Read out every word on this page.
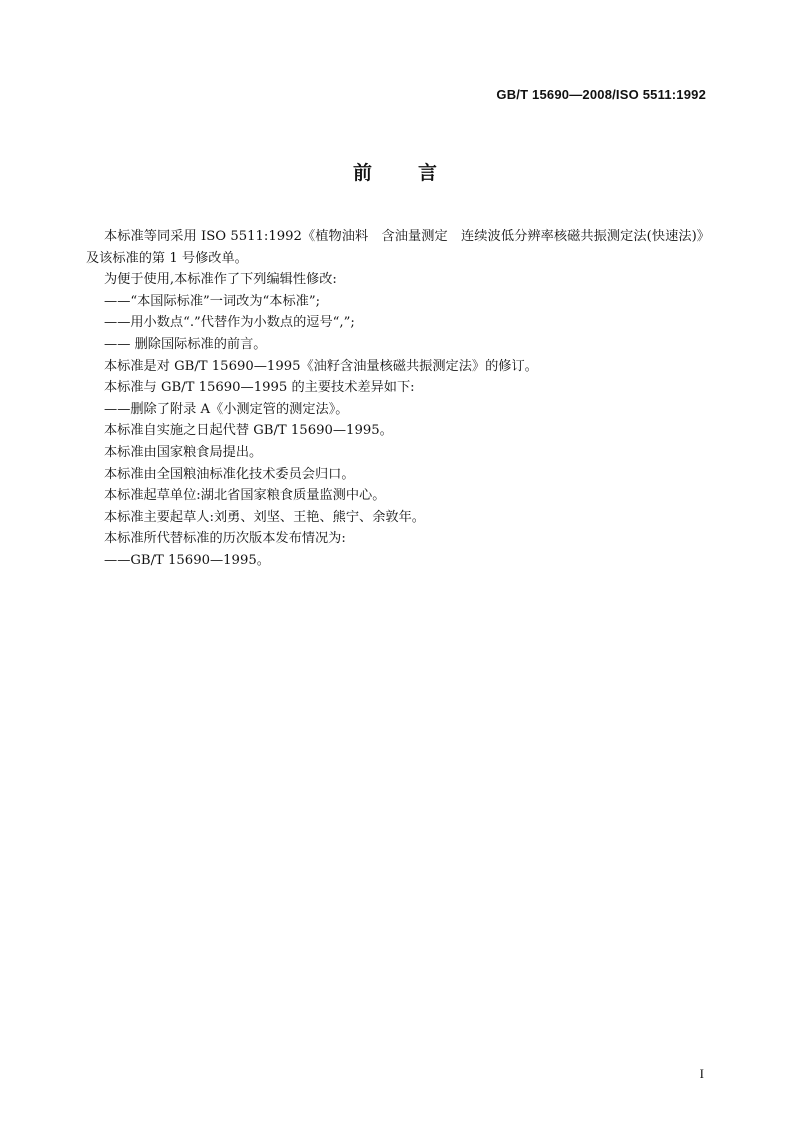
GB/T 15690—2008/ISO 5511:1992
前 言

本标准等同采用 ISO 5511:1992《植物油料　含油量测定　连续波低分辨率核磁共振测定法(快速法)》及该标准的第 1 号修改单。

为便于使用,本标准作了下列编辑性修改:

——“本国际标准”一词改为“本标准”;

——用小数点“.”代替作为小数点的逗号“,”;

—— 删除国际标准的前言。

本标准是对 GB/T 15690—1995《油籽含油量核磁共振测定法》的修订。

本标准与 GB/T 15690—1995 的主要技术差异如下:

——删除了附录 A《小测定管的测定法》。

本标准自实施之日起代替 GB/T 15690—1995。

本标准由国家粮食局提出。

本标准由全国粮油标准化技术委员会归口。

本标准起草单位:湖北省国家粮食质量监测中心。

本标准主要起草人:刘勇、刘坚、王艳、熊宁、余敦年。

本标准所代替标准的历次版本发布情况为:

——GB/T 15690—1995。

I
